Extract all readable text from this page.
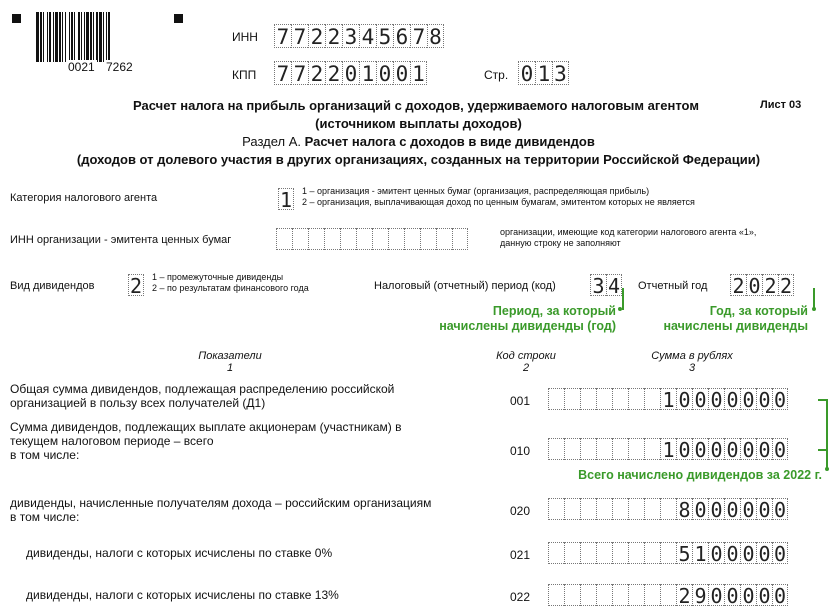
0021 7262
ИНН 7 7 2 2 3 4 5 6 7 8
КПП 7 7 2 2 0 1 0 0 1	Стр. 0 1 3
Расчет налога на прибыль организаций с доходов, удерживаемого налоговым агентом	Лист 03
(источником выплаты доходов)
Раздел А. Расчет налога с доходов в виде дивидендов
(доходов от долевого участия в других организациях, созданных на территории Российской Федерации)
Категория налогового агента	1 1 – организация - эмитент ценных бумаг (организация, распределяющая прибыль)
2 – организация, выплачивающая доход по ценным бумагам, эмитентом которых не является
ИНН организации - эмитента ценных бумаг
организации, имеющие код категории налогового агента «1»,
данную строку не заполняют
Вид дивидендов 2 1 – промежуточные дивиденды
2 – по результатам финансового года	Налоговый (отчетный) период (код) 3 4 Отчетный год 2 0 2 2
Период, за который
начислены дивиденды (год)
Год, за который
начислены дивиденды
Показатели
1
Код строки
2
Сумма в рублях
3
Общая сумма дивидендов, подлежащая распределению российской
организацией в пользу всех получателей (Д1)	001	1 0 0 0 0 0 0 0
Сумма дивидендов, подлежащих выплате акционерам (участникам) в
текущем налоговом периоде – всего
в том числе:	010	1 0 0 0 0 0 0 0
Всего начислено дивидендов за 2022 г.
дивиденды, начисленные получателям дохода – российским организациям
в том числе:	020	8 0 0 0 0 0 0
дивиденды, налоги с которых исчислены по ставке 0%	021	5 1 0 0 0 0 0
дивиденды, налоги с которых исчислены по ставке 13%	022	2 9 0 0 0 0 0
